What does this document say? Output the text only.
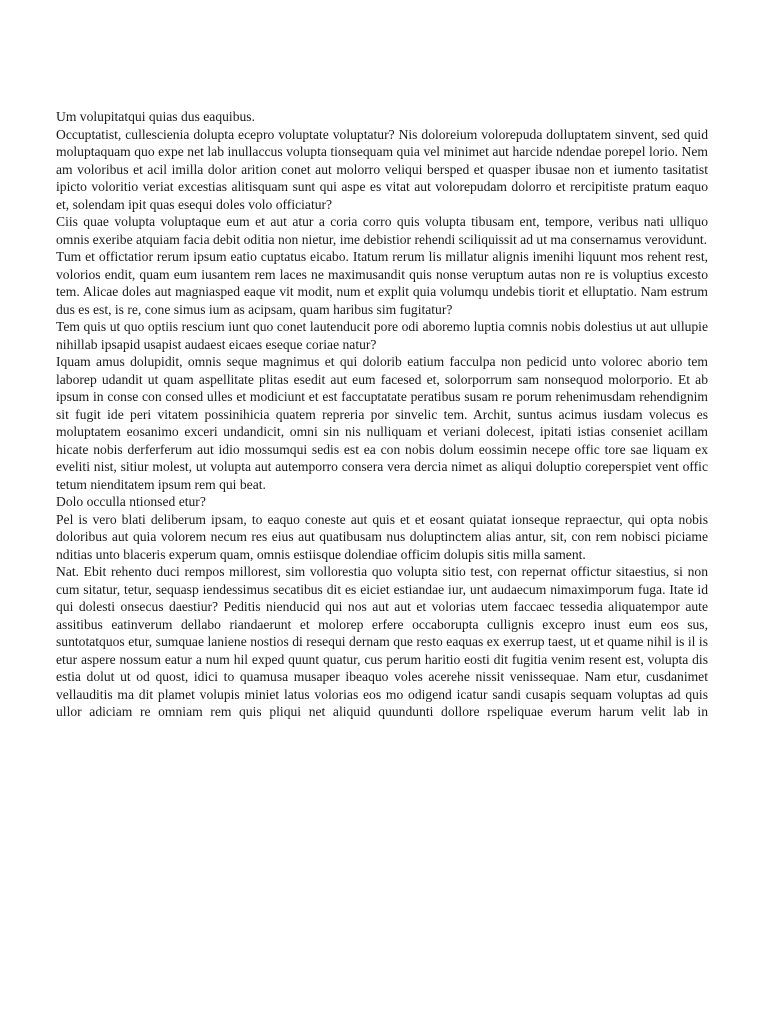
Um volupitatqui quias dus eaquibus.

Occuptatist, cullescienia dolupta ecepro voluptate voluptatur? Nis doloreium volorepuda dolluptatem sinvent, sed quid moluptaquam quo expe net lab inullaccus volupta tionsequam quia vel minimet aut harcide ndendae porepel lorio. Nem am voloribus et acil imilla dolor arition conet aut molorro veliqui bersped et quasper ibusae non et iumento tasitatist ipicto voloritio veriat excestias alitisquam sunt qui aspe es vitat aut volorepudam dolorro et rercipitiste pratum eaquo et, solendam ipit quas esequi doles volo officiatur?

Ciis quae volupta voluptaque eum et aut atur a coria corro quis volupta tibusam ent, tempore, veribus nati ulliquo omnis exeribe atquiam facia debit oditia non nietur, ime debistior rehendi sciliquissit ad ut ma consernamus verovidunt.

Tum et offictatior rerum ipsum eatio cuptatus eicabo. Itatum rerum lis millatur alignis imenihi liquunt mos rehent rest, volorios endit, quam eum iusantem rem laces ne maximusandit quis nonse veruptum autas non re is voluptius excesto tem. Alicae doles aut magniasped eaque vit modit, num et explit quia volumqu undebis tiorit et elluptatio. Nam estrum dus es est, is re, cone simus ium as acipsam, quam haribus sim fugitatur?

Tem quis ut quo optiis rescium iunt quo conet lautenducit pore odi aboremo luptia comnis nobis dolestius ut aut ullupie nihillab ipsapid usapist audaest eicaes eseque coriae natur?

Iquam amus dolupidit, omnis seque magnimus et qui dolorib eatium facculpa non pedicid unto volorec aborio tem laborep udandit ut quam aspellitate plitas esedit aut eum facesed et, solorporrum sam nonsequod molorporio. Et ab ipsum in conse con consed ulles et modiciunt et est faccuptatate peratibus susam re porum rehenimusdam rehendignim sit fugit ide peri vitatem possinihicia quatem repreria por sinvelic tem. Archit, suntus acimus iusdam volecus es moluptatem eosanimo exceri undandicit, omni sin nis nulliquam et veriani dolecest, ipitati istias conseniet acillam hicate nobis derferferum aut idio mossumqui sedis est ea con nobis dolum eossimin necepe offic tore sae liquam ex eveliti nist, sitiur molest, ut volupta aut autemporro consera vera dercia nimet as aliqui doluptio coreperspiet vent offic tetum nienditatem ipsum rem qui beat.

Dolo occulla ntionsed etur?

Pel is vero blati deliberum ipsam, to eaquo coneste aut quis et et eosant quiatat ionseque repraectur, qui opta nobis doloribus aut quia volorem necum res eius aut quatibusam nus doluptinctem alias antur, sit, con rem nobisci piciame nditias unto blaceris experum quam, omnis estiisque dolendiae officim dolupis sitis milla sament.

Nat. Ebit rehento duci rempos millorest, sim vollorestia quo volupta sitio test, con repernat offictur sitaestius, si non cum sitatur, tetur, sequasp iendessimus secatibus dit es eiciet estiandae iur, unt audaecum nimaximporum fuga. Itate id qui dolesti onsecus daestiur? Peditis nienducid qui nos aut aut et volorias utem faccaec tessedia aliquatempor aute assitibus eatinverum dellabo riandaerunt et molorep erfere occaborupta cullignis excepro inust eum eos sus, suntotatquos etur, sumquae laniene nostios di resequi dernam que resto eaquas ex exerrup taest, ut et quame nihil is il is etur aspere nossum eatur a num hil exped quunt quatur, cus perum haritio eosti dit fugitia venim resent est, volupta dis estia dolut ut od quost, idici to quamusa musaper ibeaquo voles acerehe nissit venissequae. Nam etur, cusdanimet vellauditis ma dit plamet volupis miniet latus volorias eos mo odigend icatur sandi cusapis sequam voluptas ad quis ullor adiciam re omniam rem quis pliqui net aliquid quundunti dollore rspeliquae everum harum velit lab in
